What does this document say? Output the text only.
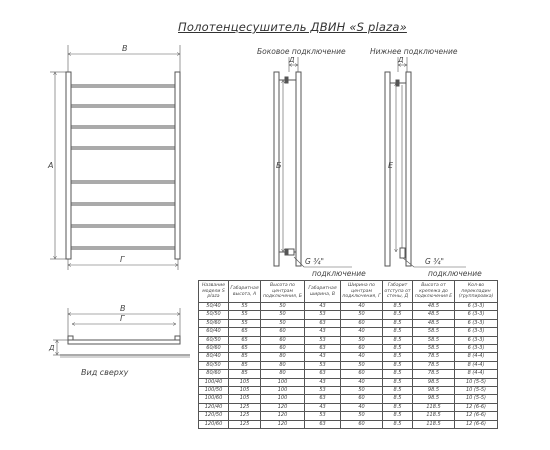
Полотенцесушитель ДВИН «S plaza»
Боковое подключение	Нижнее подключение
Вид сверху
В
А
Г
Б
Д
G ¾"
подключение
Е
Д
G ¾"
подключение
В
Г
Д
Название модели S plaza	Габаритная высота, А	Высота по центрам подключения, Б	Габаритная ширина, В	Ширина по центрам подключения, Г	Габарит отступа от стены, Д	Высота от крепежа до подключения Е	Кол-во перекладин (группировка)
50/40	55	50	43	40	8.5	48.5	6 (3-3)
50/50	55	50	53	50	8.5	48.5	6 (3-3)
50/60	55	50	63	60	8.5	48.5	6 (3-3)
60/40	65	60	43	40	8.5	58.5	6 (3-3)
60/50	65	60	53	50	8.5	58.5	6 (3-3)
60/60	65	60	63	60	8.5	58.5	6 (3-3)
80/40	85	80	43	40	8.5	78.5	8 (4-4)
80/50	85	80	53	50	8.5	78.5	8 (4-4)
80/60	85	80	63	60	8.5	78.5	8 (4-4)
100/40	105	100	43	40	8.5	98.5	10 (5-5)
100/50	105	100	53	50	8.5	98.5	10 (5-5)
100/60	105	100	63	60	8.5	98.5	10 (5-5)
120/40	125	120	43	40	8.5	118.5	12 (6-6)
120/50	125	120	53	50	8.5	118.5	12 (6-6)
120/60	125	120	63	60	8.5	118.5	12 (6-6)
